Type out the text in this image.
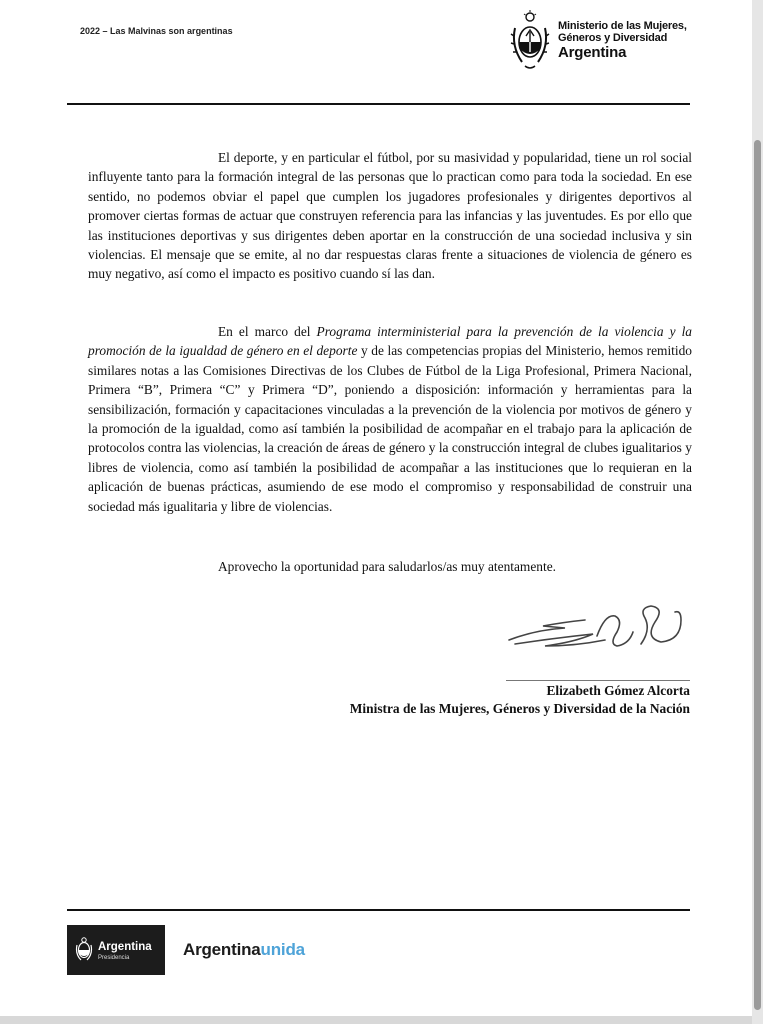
2022 – Las Malvinas son argentinas	Ministerio de las Mujeres,
Géneros y Diversidad
Argentina

El deporte, y en particular el fútbol, por su masividad y popularidad, tiene un rol social influyente tanto para la formación integral de las personas que lo practican como para toda la sociedad. En ese sentido, no podemos obviar el papel que cumplen los jugadores profesionales y dirigentes deportivos al promover ciertas formas de actuar que construyen referencia para las infancias y las juventudes. Es por ello que las instituciones deportivas y sus dirigentes deben aportar en la construcción de una sociedad inclusiva y sin violencias. El mensaje que se emite, al no dar respuestas claras frente a situaciones de violencia de género es muy negativo, así como el impacto es positivo cuando sí las dan.

En el marco del Programa interministerial para la prevención de la violencia y la promoción de la igualdad de género en el deporte y de las competencias propias del Ministerio, hemos remitido similares notas a las Comisiones Directivas de los Clubes de Fútbol de la Liga Profesional, Primera Nacional, Primera “B”, Primera “C” y Primera “D”, poniendo a disposición: información y herramientas para la sensibilización, formación y capacitaciones vinculadas a la prevención de la violencia por motivos de género y la promoción de la igualdad, como así también la posibilidad de acompañar en el trabajo para la aplicación de protocolos contra las violencias, la creación de áreas de género y la construcción integral de clubes igualitarios y libres de violencia, como así también la posibilidad de acompañar a las instituciones que lo requieran en la aplicación de buenas prácticas, asumiendo de ese modo el compromiso y responsabilidad de construir una sociedad más igualitaria y libre de violencias.

Aprovecho la oportunidad para saludarlos/as muy atentamente.

Elizabeth Gómez Alcorta
Ministra de las Mujeres, Géneros y Diversidad de la Nación
Argentina
Presidencia	Argentinaunida
